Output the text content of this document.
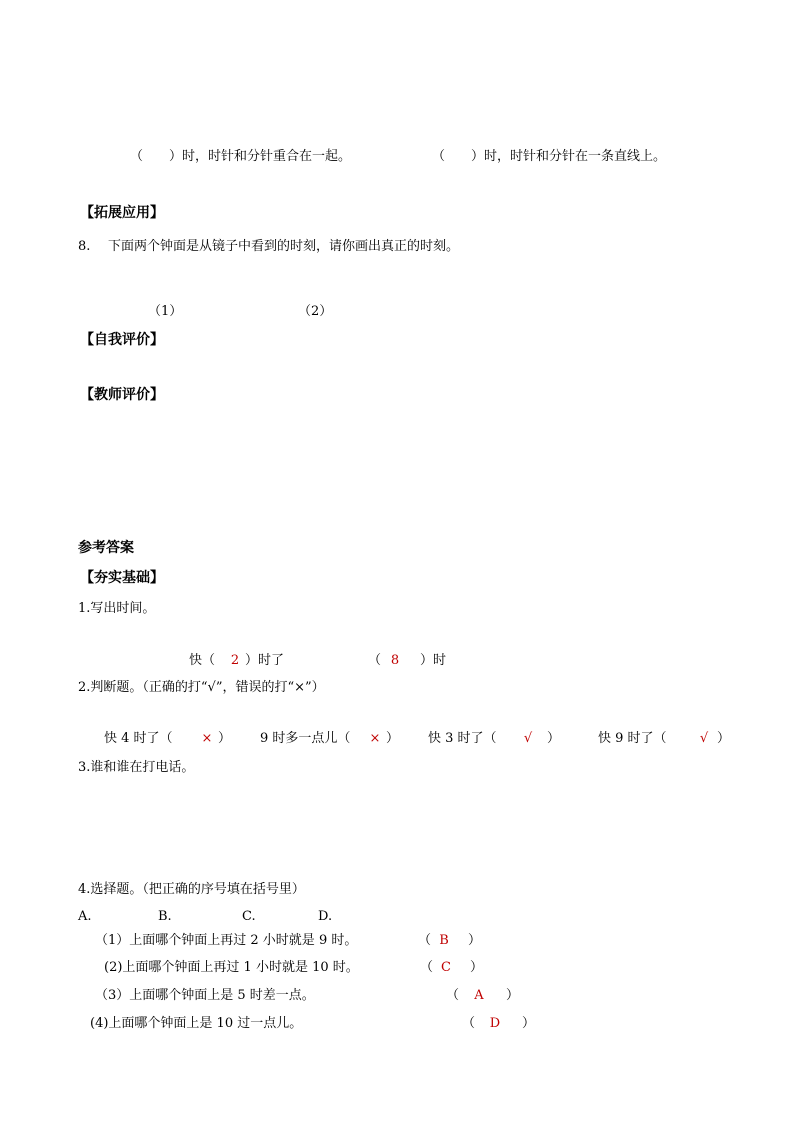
（　　）时，时针和分针重合在一起。	（　　）时，时针和分针在一条直线上。
【拓展应用】
8. 下面两个钟面是从镜子中看到的时刻，请你画出真正的时刻。
（1）	（2）
【自我评价】
【教师评价】
参考答案
【夯实基础】
1.写出时间。
快（	2 ）时了	（ 8	）时
2.判断题。（正确的打“√”，错误的打“×”）
快 4 时了（	× ） 9 时多一点儿（	× ） 快 3 时了（	√	）	快 9 时了（	√ ）
3.谁和谁在打电话。
4.选择题。（把正确的序号填在括号里）
A.	B.	C.	D.
（1）上面哪个钟面上再过 2 小时就是 9 时。	（ B	）
(2)上面哪个钟面上再过 1 小时就是 10 时。	（ C	）
（3）上面哪个钟面上是 5 时差一点。	（	A	）
(4)上面哪个钟面上是 10 过一点儿。	（	D	）
